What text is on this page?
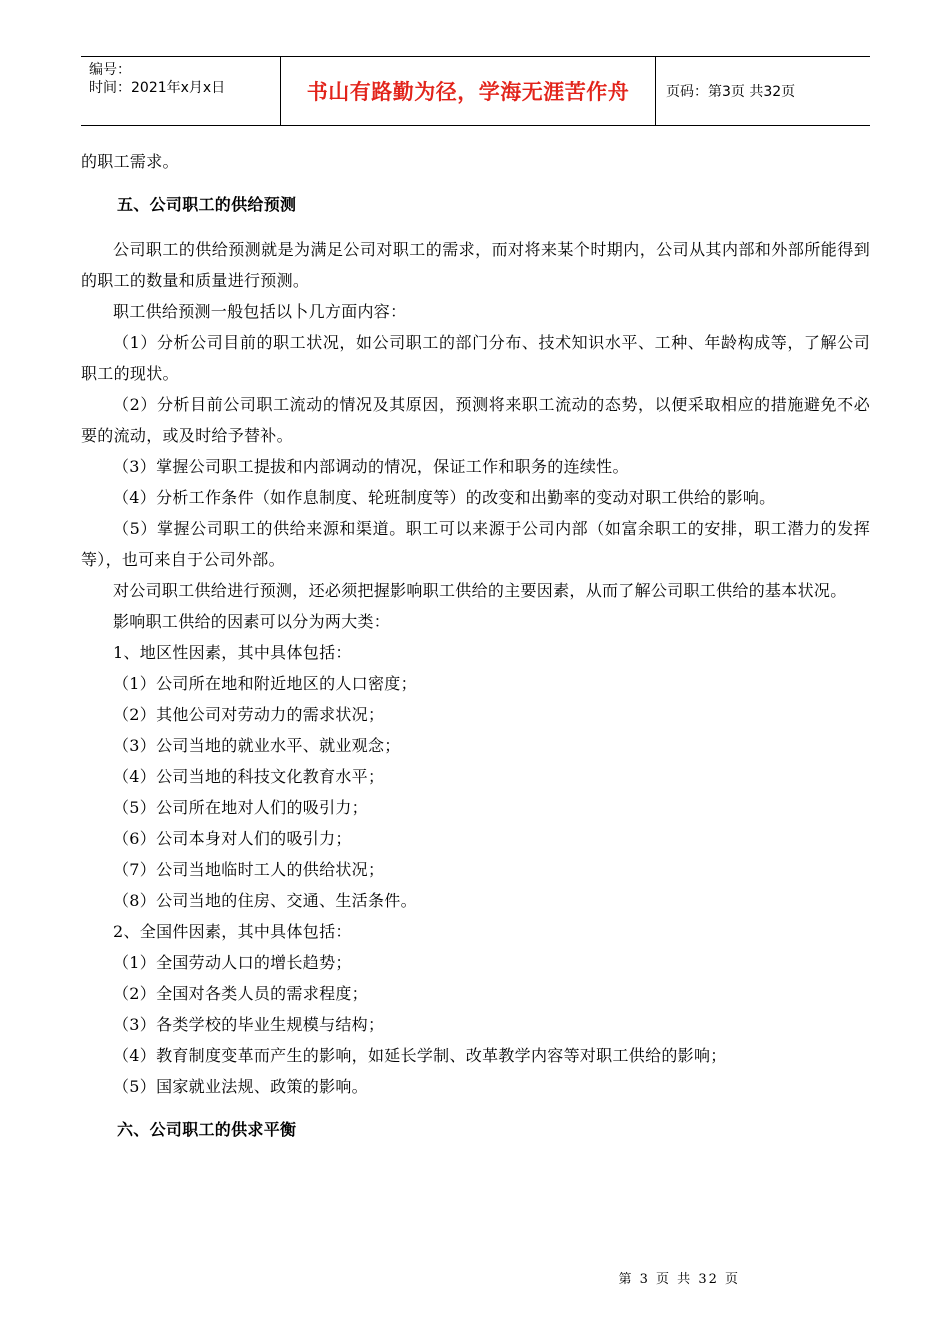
编号：
时间：2021年x月x日	书山有路勤为径，学海无涯苦作舟	页码：第3页 共32页

的职工需求。

五、公司职工的供给预测

公司职工的供给预测就是为满足公司对职工的需求，而对将来某个时期内，公司从其内部和外部所能得到的职工的数量和质量进行预测。

职工供给预测一般包括以卜几方面内容：

（1）分析公司目前的职工状况，如公司职工的部门分布、技术知识水平、工种、年龄构成等，了解公司职工的现状。

（2）分析目前公司职工流动的情况及其原因，预测将来职工流动的态势，以便采取相应的措施避免不必要的流动，或及时给予替补。

（3）掌握公司职工提拔和内部调动的情况，保证工作和职务的连续性。

（4）分析工作条件（如作息制度、轮班制度等）的改变和出勤率的变动对职工供给的影响。

（5）掌握公司职工的供给来源和渠道。职工可以来源于公司内部（如富余职工的安排，职工潜力的发挥等），也可来自于公司外部。

对公司职工供给进行预测，还必须把握影响职工供给的主要因素，从而了解公司职工供给的基本状况。

影响职工供给的因素可以分为两大类：

1、地区性因素，其中具体包括：

（1）公司所在地和附近地区的人口密度；

（2）其他公司对劳动力的需求状况；

（3）公司当地的就业水平、就业观念；

（4）公司当地的科技文化教育水平；

（5）公司所在地对人们的吸引力；

（6）公司本身对人们的吸引力；

（7）公司当地临时工人的供给状况；

（8）公司当地的住房、交通、生活条件。

2、全国件因素，其中具体包括：

（1）全国劳动人口的增长趋势；

（2）全国对各类人员的需求程度；

（3）各类学校的毕业生规模与结构；

（4）教育制度变革而产生的影响，如延长学制、改革教学内容等对职工供给的影响；

（5）国家就业法规、政策的影响。

六、公司职工的供求平衡

第 3 页 共 32 页
